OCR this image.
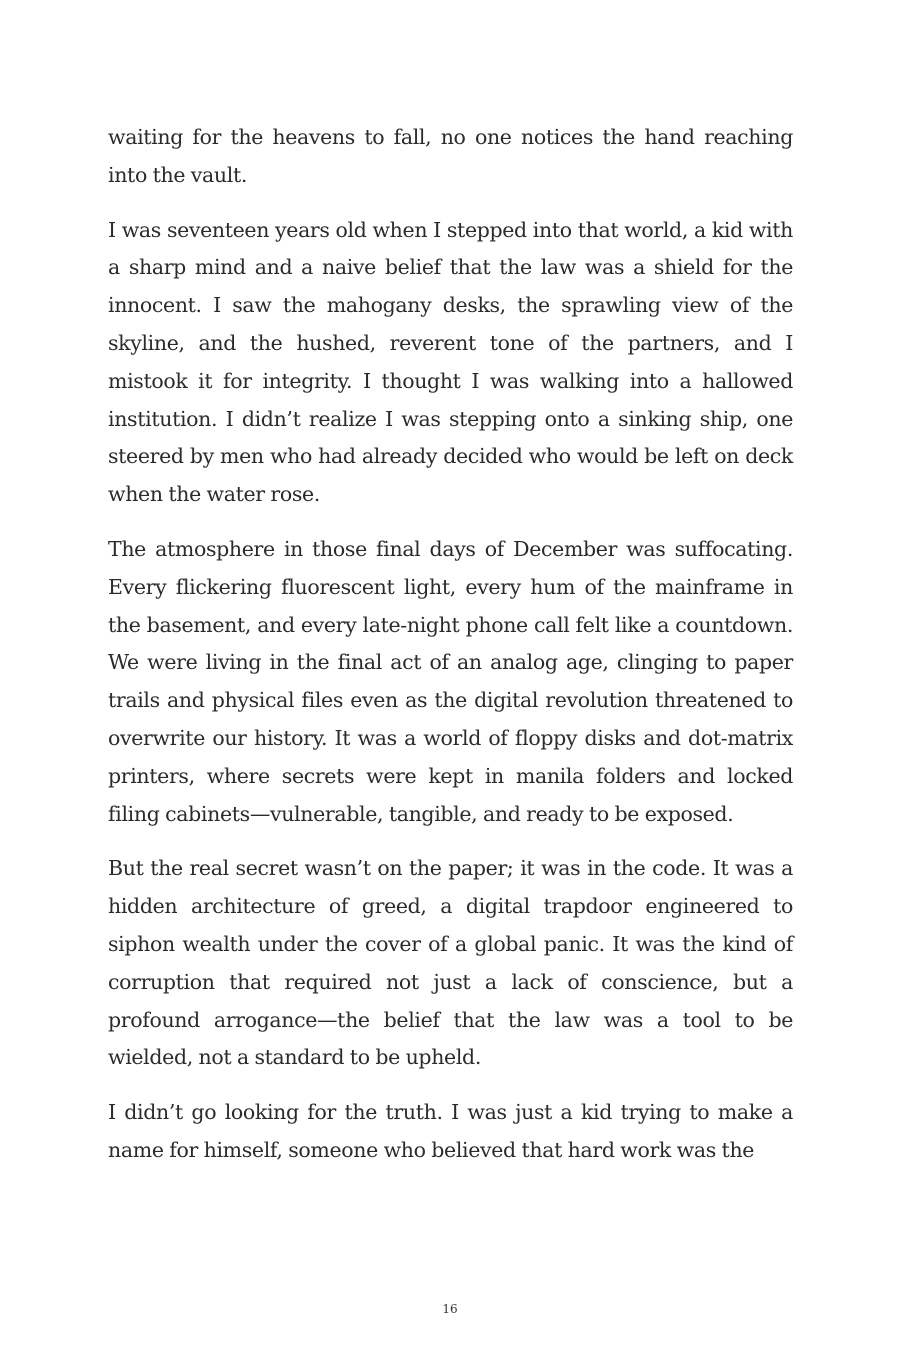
waiting for the heavens to fall, no one notices the hand reaching into the vault.

I was seventeen years old when I stepped into that world, a kid with a sharp mind and a naive belief that the law was a shield for the innocent. I saw the mahogany desks, the sprawling view of the skyline, and the hushed, reverent tone of the partners, and I mistook it for integrity. I thought I was walking into a hallowed institution. I didn’t realize I was stepping onto a sinking ship, one steered by men who had already decided who would be left on deck when the water rose.

The atmosphere in those final days of December was suffocating. Every flickering fluorescent light, every hum of the mainframe in the basement, and every late-night phone call felt like a countdown. We were living in the final act of an analog age, clinging to paper trails and physical files even as the digital revolution threatened to overwrite our history. It was a world of floppy disks and dot-matrix printers, where secrets were kept in manila folders and locked filing cabinets—vulnerable, tangible, and ready to be exposed.

But the real secret wasn’t on the paper; it was in the code. It was a hidden architecture of greed, a digital trapdoor engineered to siphon wealth under the cover of a global panic. It was the kind of corruption that required not just a lack of conscience, but a profound arrogance—the belief that the law was a tool to be wielded, not a standard to be upheld.

I didn’t go looking for the truth. I was just a kid trying to make a name for himself, someone who believed that hard work was the

16
